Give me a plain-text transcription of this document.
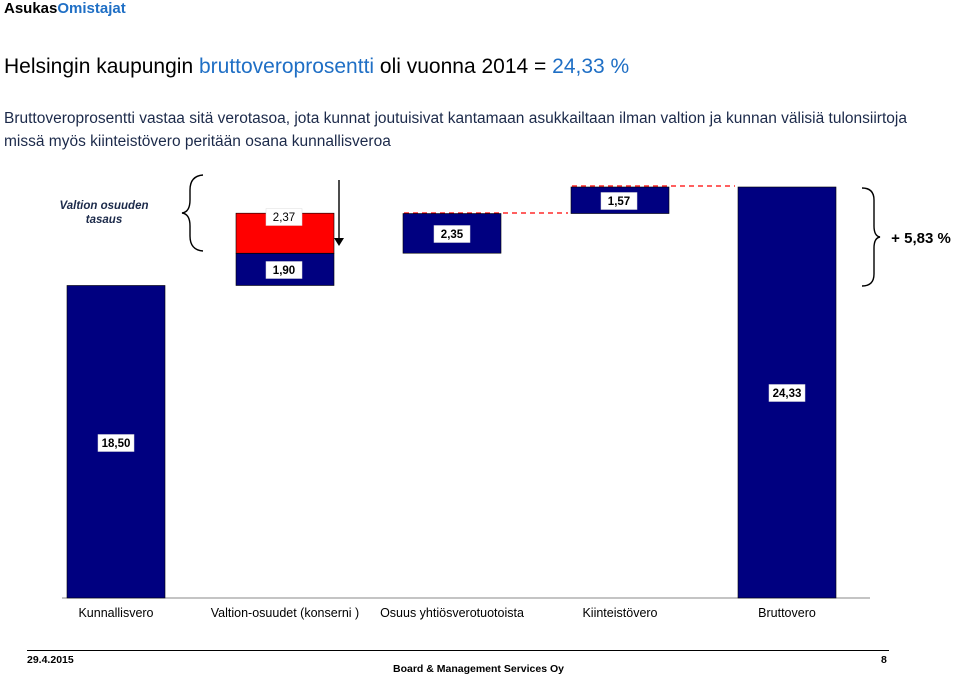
AsukasOmistajat
Helsingin kaupungin bruttoveroprosentti oli vuonna 2014 = 24,33 %
Bruttoveroprosentti vastaa sitä verotasoa, jota kunnat joutuisivat kantamaan asukkailtaan ilman valtion ja kunnan välisiä tulonsiirtoja missä myös kiinteistövero peritään osana kunnallisveroa
18,50
1,90
2,37
2,35
1,57
24,33
Valtion osuuden
tasaus
+ 5,83 %
Kunnallisvero	Valtion-osuudet (konserni ) Osuus yhtiösverotuotoista	Kiinteistövero	Bruttovero
29.4.2015
Board & Management Services Oy
8
